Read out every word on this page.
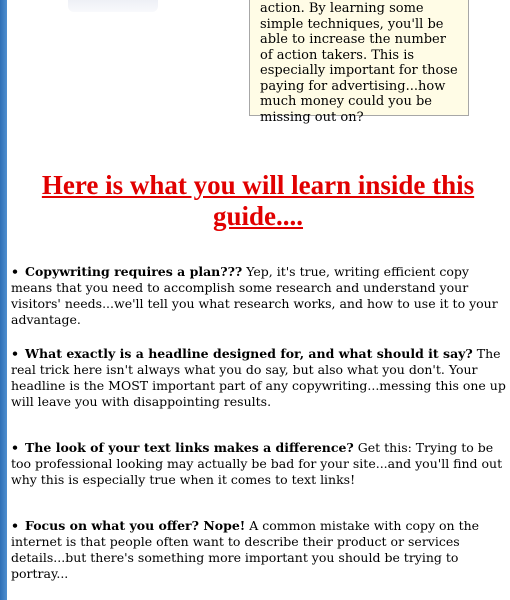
action. By learning some simple techniques, you'll be able to increase the number of action takers. This is especially important for those paying for advertising...how much money could you be missing out on?
Here is what you will learn inside this guide....
• Copywriting requires a plan??? Yep, it's true, writing efficient copy means that you need to accomplish some research and understand your visitors' needs...we'll tell you what research works, and how to use it to your advantage.
• What exactly is a headline designed for, and what should it say? The real trick here isn't always what you do say, but also what you don't. Your headline is the MOST important part of any copywriting...messing this one up will leave you with disappointing results.
• The look of your text links makes a difference? Get this: Trying to be too professional looking may actually be bad for your site...and you'll find out why this is especially true when it comes to text links!
• Focus on what you offer? Nope! A common mistake with copy on the internet is that people often want to describe their product or services details...but there's something more important you should be trying to portray...
